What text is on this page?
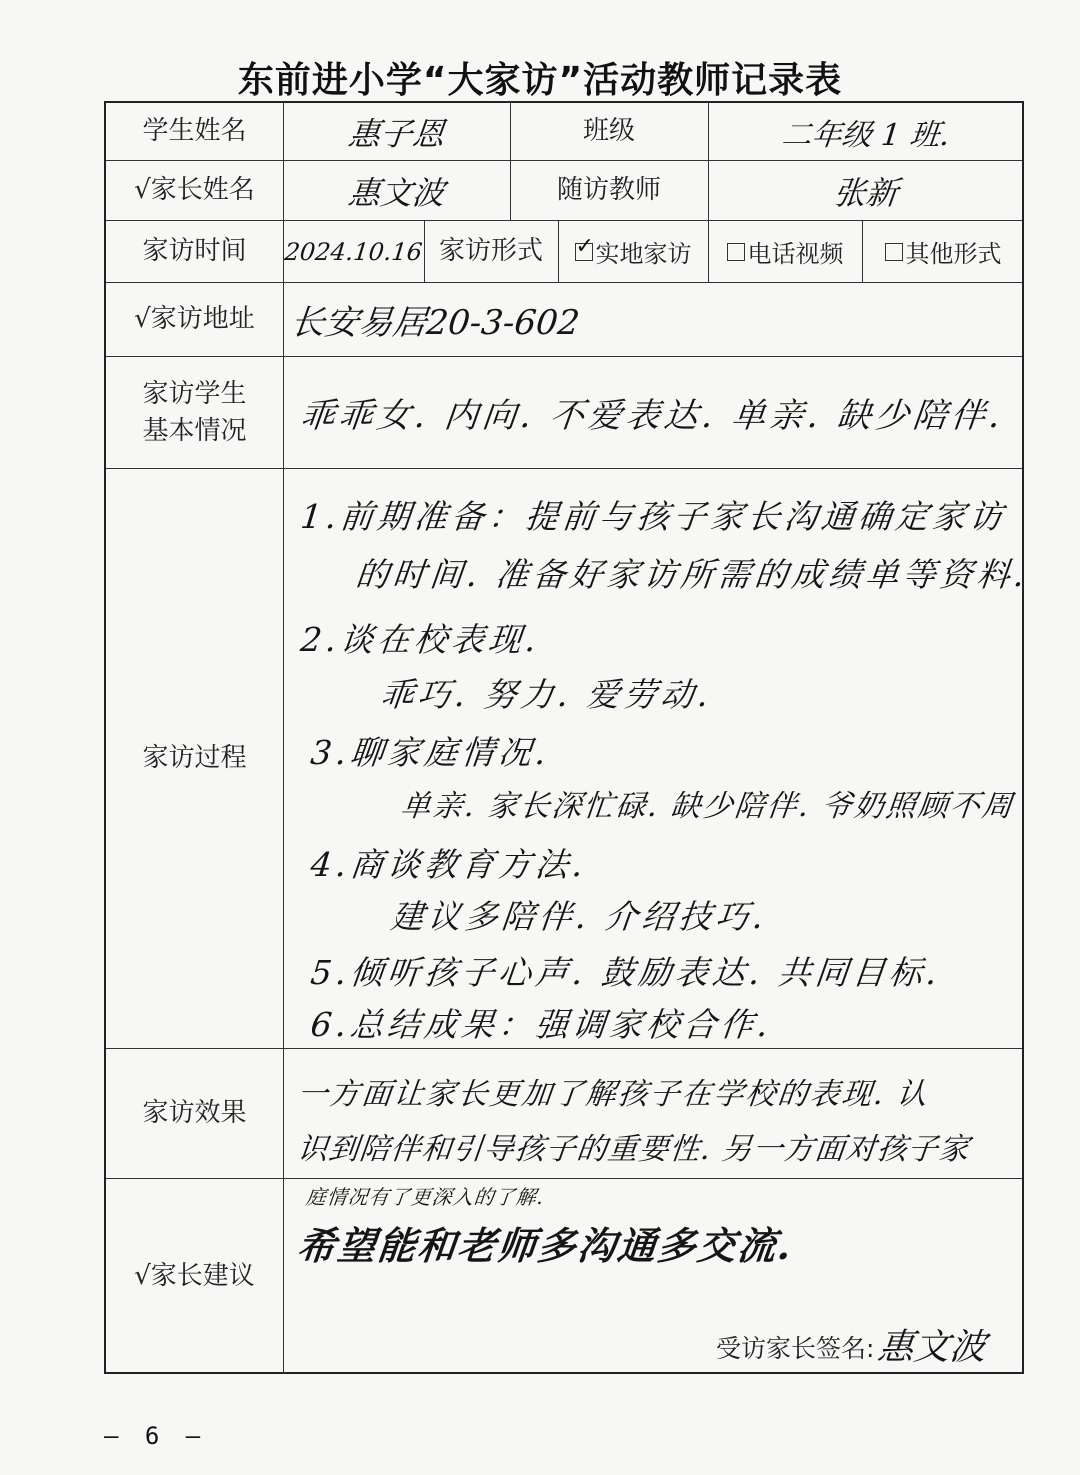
东前进小学“大家访”活动教师记录表
学生姓名	惠子恩	班级	二年级 1 班.
√家长姓名	惠文波	随访教师	张新
家访时间	2024.10.16 家访形式
✓	实地家访 电话视频	其他形式
√家访地址 长安易居20-3-602
家访学生
基本情况 乖乖女. 内向. 不爱表达. 单亲. 缺少陪伴.
家访过程
1.前期准备：提前与孩子家长沟通确定家访
的时间. 准备好家访所需的成绩单等资料.
2.谈在校表现.
乖巧. 努力. 爱劳动.
3.聊家庭情况.
单亲. 家长深忙碌. 缺少陪伴. 爷奶照顾不周
4.商谈教育方法.
建议多陪伴. 介绍技巧.
5.倾听孩子心声. 鼓励表达. 共同目标.
6.总结成果：强调家校合作.
家访效果
一方面让家长更加了解孩子在学校的表现. 认
识到陪伴和引导孩子的重要性. 另一方面对孩子家
√家长建议
庭情况有了更深入的了解.
希望能和老师多沟通多交流.
受访家长签名: 惠文波
— 6 —
